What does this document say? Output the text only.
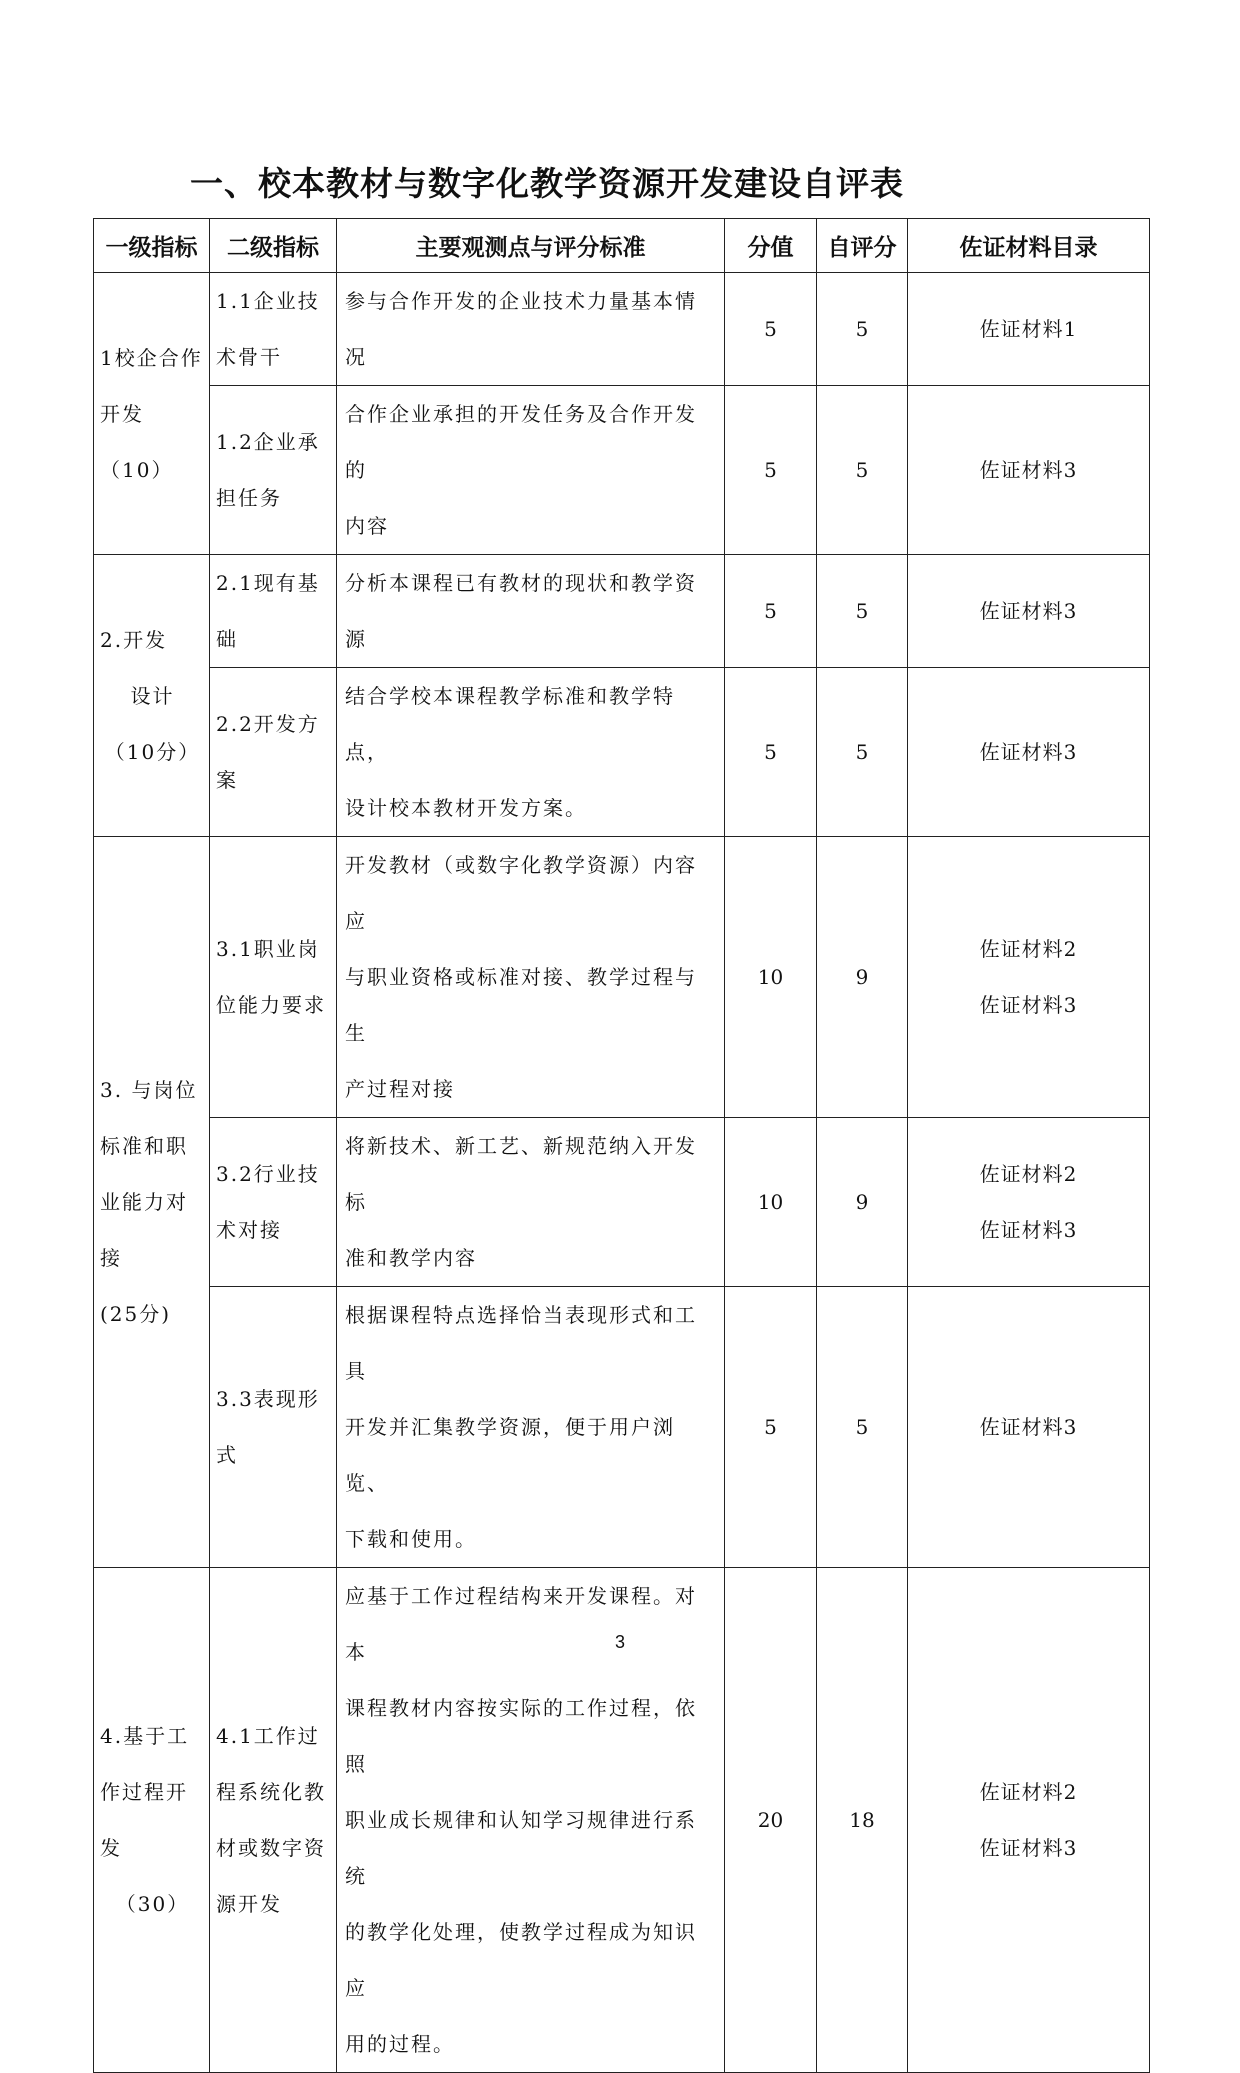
一、校本教材与数字化教学资源开发建设自评表
一级指标	二级指标	主要观测点与评分标准	分值	自评分	佐证材料目录

1校企合作
开发（10）	1.1企业技
术骨干	参与合作开发的企业技术力量基本情况	5	5	佐证材料1

	1.2企业承
担任务	合作企业承担的开发任务及合作开发的
内容	5	5	佐证材料3

2.开发
设计
（10分）	2.1现有基
础	分析本课程已有教材的现状和教学资源	5	5	佐证材料3

	2.2开发方
案	结合学校本课程教学标准和教学特点，
设计校本教材开发方案。	5	5	佐证材料3

3. 与岗位
标准和职
业能力对
接
(25分)	3.1职业岗
位能力要求	开发教材（或数字化教学资源）内容应
与职业资格或标准对接、教学过程与生
产过程对接	10	9	佐证材料2
佐证材料3

	3.2行业技
术对接	将新技术、新工艺、新规范纳入开发标
准和教学内容	10	9	佐证材料2
佐证材料3

	3.3表现形
式	根据课程特点选择恰当表现形式和工具
开发并汇集教学资源，便于用户浏览、
下载和使用。	5	5	佐证材料3

4.基于工
作过程开
发
（30）	4.1工作过
程系统化教
材或数字资
源开发	应基于工作过程结构来开发课程。对本
课程教材内容按实际的工作过程，依照
职业成长规律和认知学习规律进行系统
的教学化处理，使教学过程成为知识应
用的过程。	20	18	佐证材料2
佐证材料3
3
